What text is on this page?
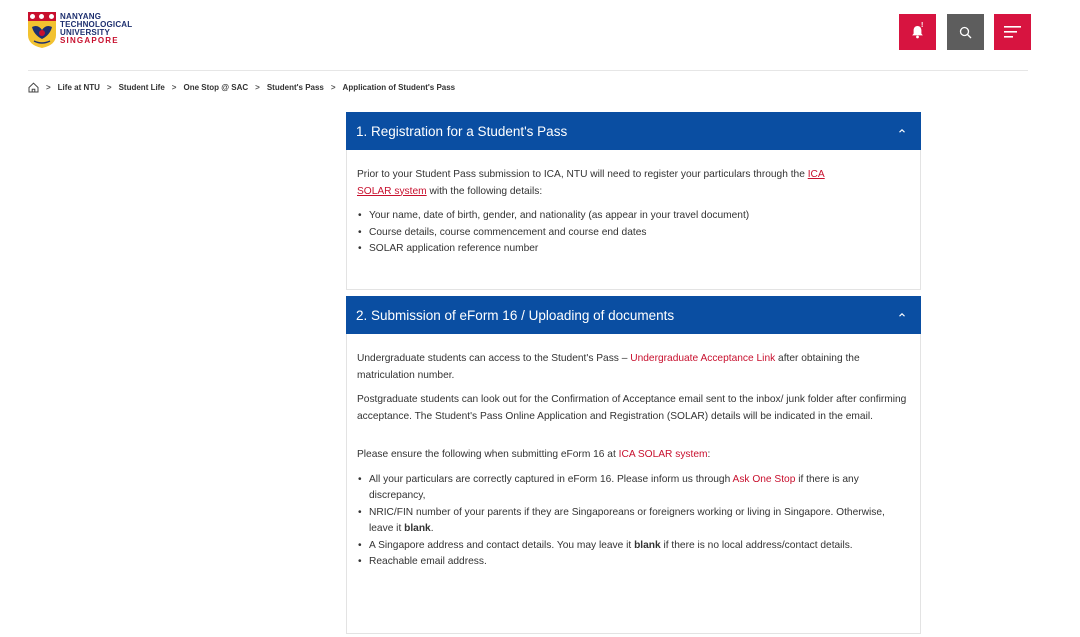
NANYANG
TECHNOLOGICAL
UNIVERSITY
SINGAPORE
!
> Life at NTU > Student Life > One Stop @ SAC > Student's Pass > Application of Student's Pass
1. Registration for a Student's Pass

Prior to your Student Pass submission to ICA, NTU will need to register your particulars through the ICA
SOLAR system with the following details:

• Your name, date of birth, gender, and nationality (as appear in your travel document)
• Course details, course commencement and course end dates
• SOLAR application reference number
2. Submission of eForm 16 / Uploading of documents

Undergraduate students can access to the Student's Pass – Undergraduate Acceptance Link after obtaining the matriculation number.

Postgraduate students can look out for the Confirmation of Acceptance email sent to the inbox/ junk folder after confirming acceptance. The Student's Pass Online Application and Registration (SOLAR) details will be indicated in the email.

Please ensure the following when submitting eForm 16 at ICA SOLAR system:

• All your particulars are correctly captured in eForm 16. Please inform us through Ask One Stop if there is any discrepancy,
• NRIC/FIN number of your parents if they are Singaporeans or foreigners working or living in Singapore. Otherwise, leave it blank.
• A Singapore address and contact details. You may leave it blank if there is no local address/contact details.
• Reachable email address.
